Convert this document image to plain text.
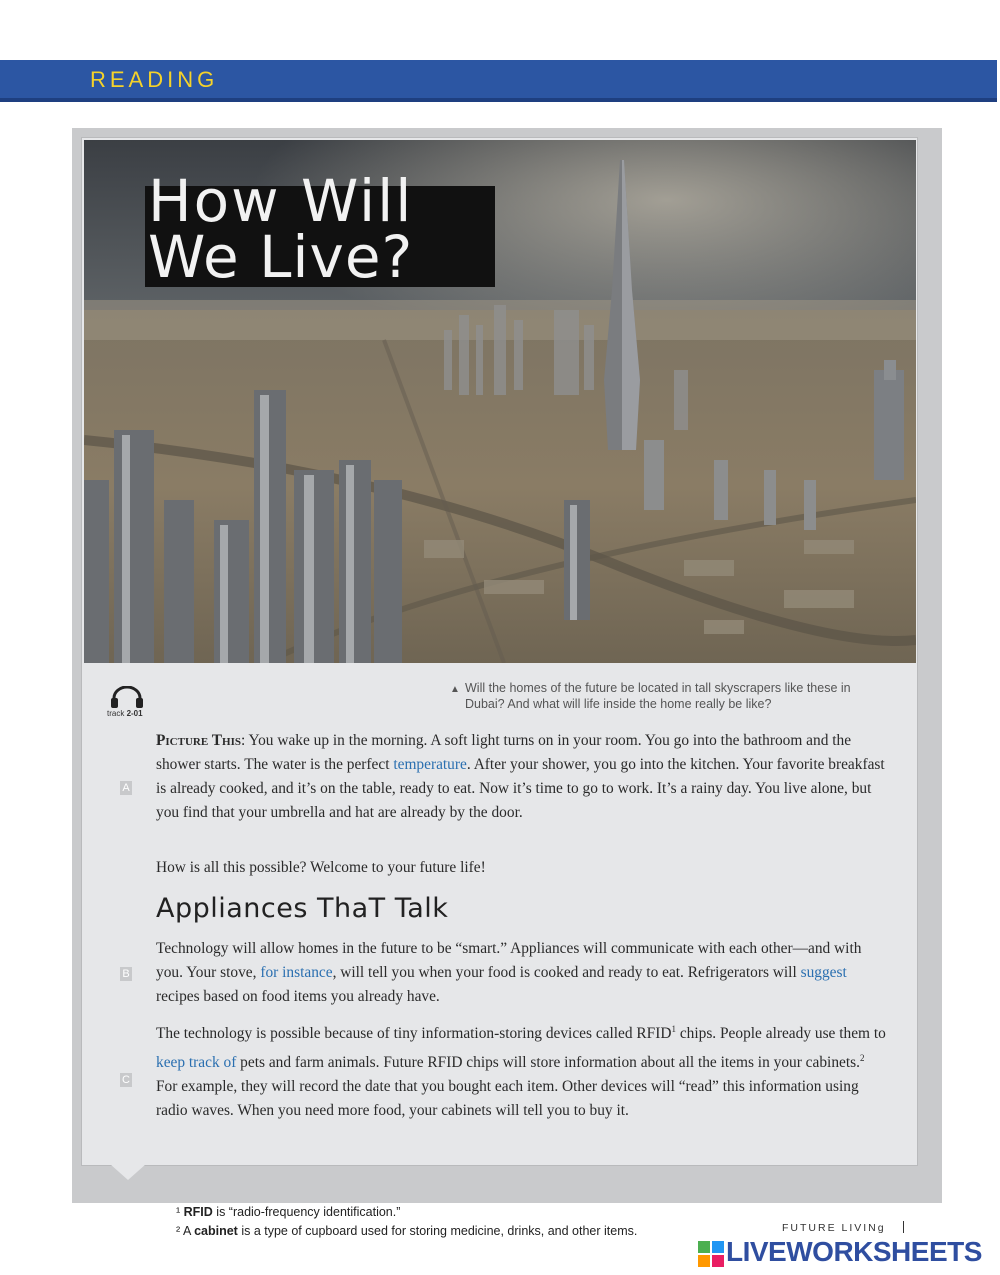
READING
How Will
We Live?
▲ Will the homes of the future be located in tall skyscrapers like these in Dubai? And what will life inside the home really be like?
track 2-01
A
Picture This: You wake up in the morning. A soft light turns on in your room. You go into the bathroom and the shower starts. The water is the perfect temperature. After your shower, you go into the kitchen. Your favorite breakfast is already cooked, and it’s on the table, ready to eat. Now it’s time to go to work. It’s a rainy day. You live alone, but you find that your umbrella and hat are already by the door.
How is all this possible? Welcome to your future life!
Appliances ThaT Talk
B
Technology will allow homes in the future to be “smart.” Appliances will communicate with each other—and with you. Your stove, for instance, will tell you when your food is cooked and ready to eat. Refrigerators will suggest recipes based on food items you already have.
C
The technology is possible because of tiny information-storing devices called RFID$^1$ chips. People already use them to keep track of pets and farm animals. Future RFID chips will store information about all the items in your cabinets.$^2$ For example, they will record the date that you bought each item. Other devices will “read” this information using radio waves. When you need more food, your cabinets will tell you to buy it.
¹ RFID is “radio-frequency identification.”
² A cabinet is a type of cupboard used for storing medicine, drinks, and other items.	FUTURE LIVINg
LIVEWORKSHEETS
